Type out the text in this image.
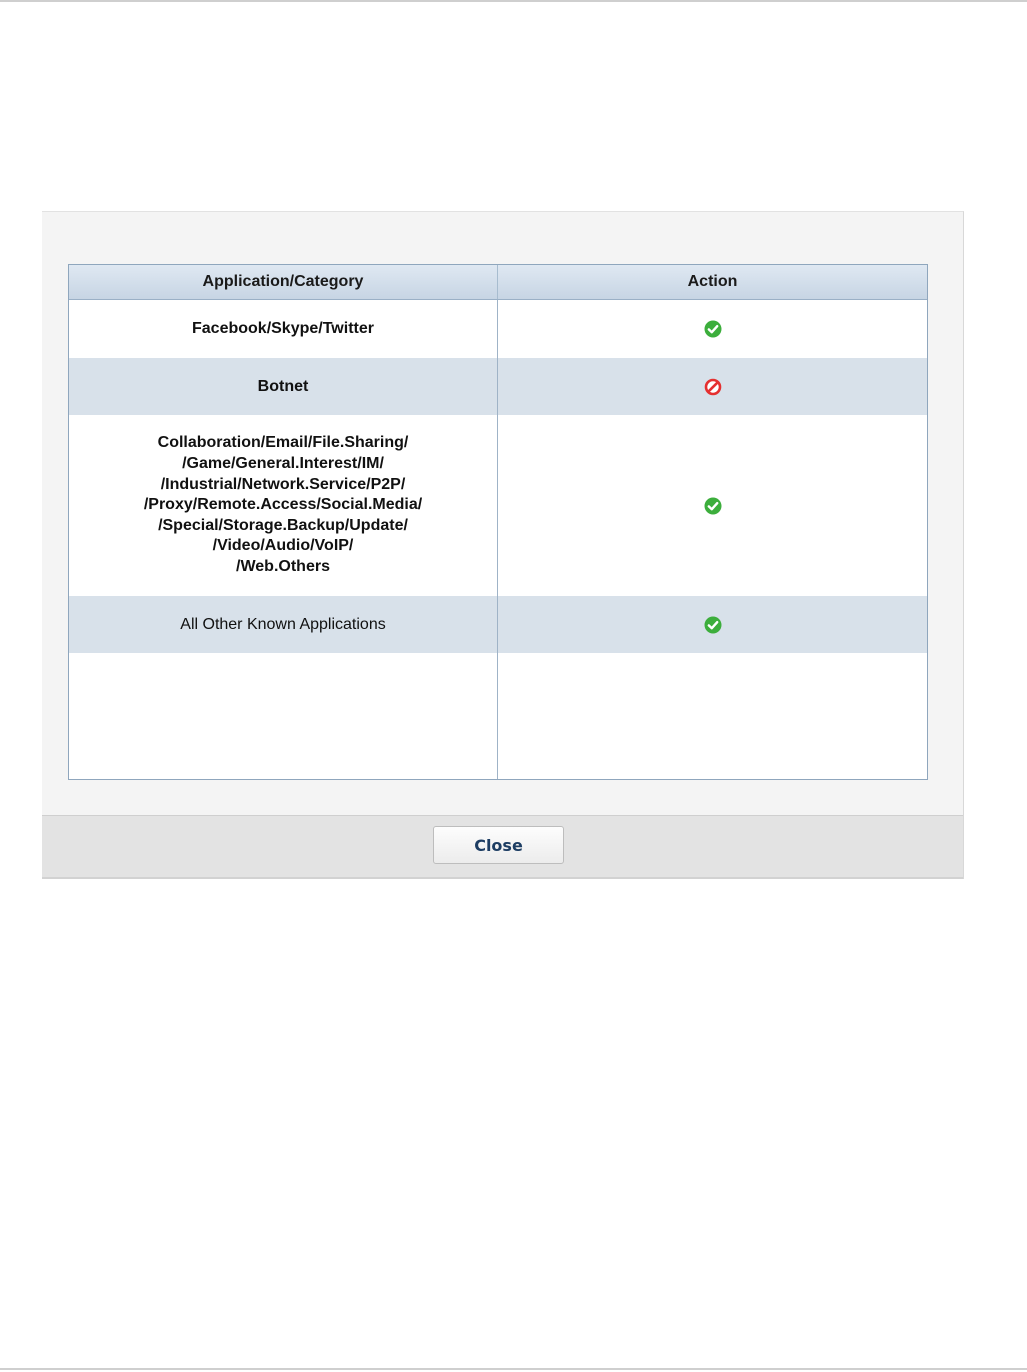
Application/Category	Action
Facebook/Skype/Twitter
Botnet
Collaboration/Email/File.Sharing/
/Game/General.Interest/IM/
/Industrial/Network.Service/P2P/
/Proxy/Remote.Access/Social.Media/
/Special/Storage.Backup/Update/
/Video/Audio/VoIP/
/Web.Others
All Other Known Applications
Close
